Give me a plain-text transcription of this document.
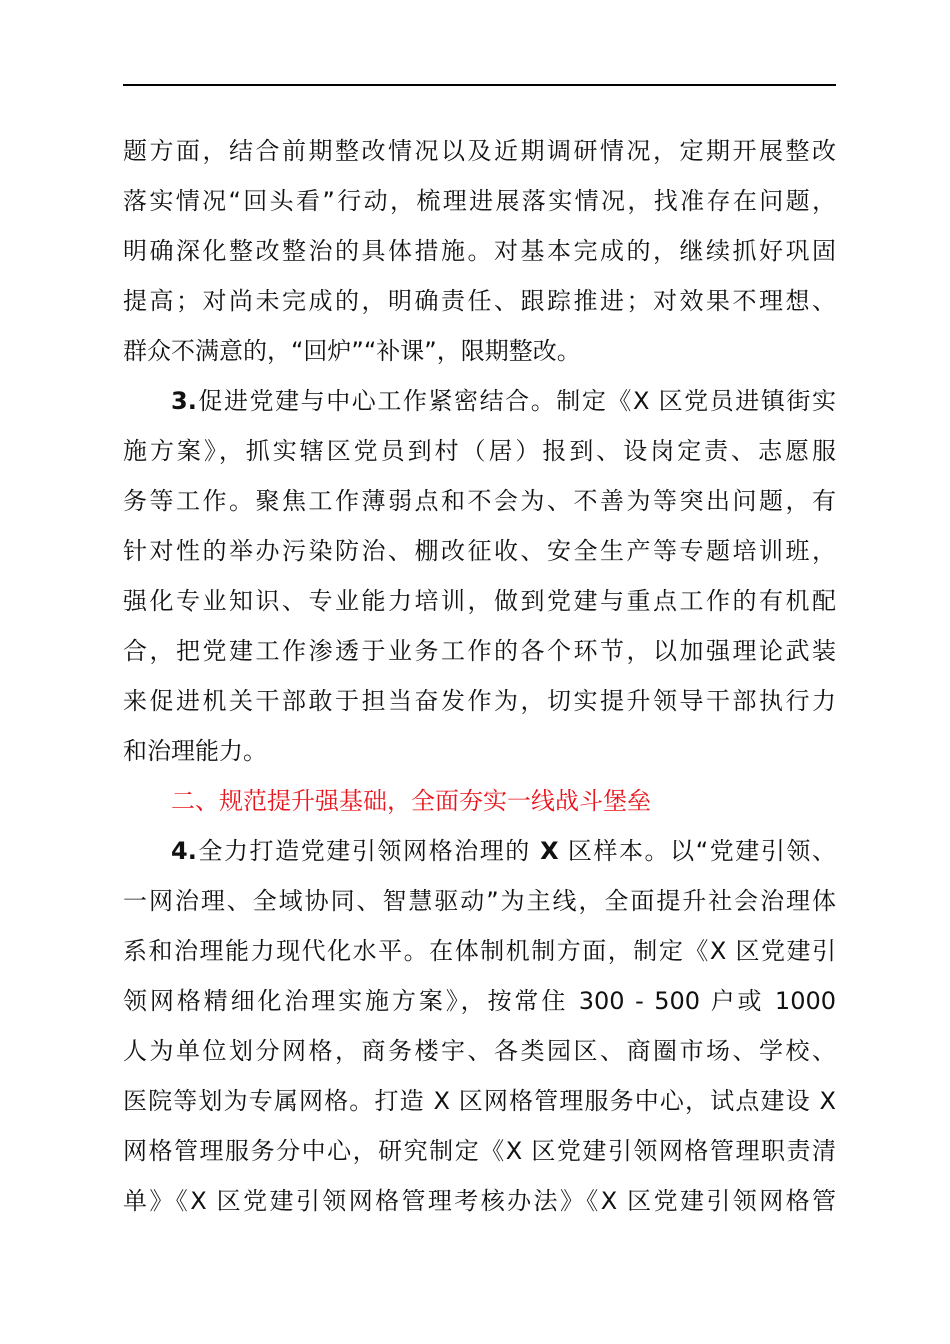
题方面，结合前期整改情况以及近期调研情况，定期开展整改
落实情况“回头看”行动，梳理进展落实情况，找准存在问题，
明确深化整改整治的具体措施。对基本完成的，继续抓好巩固
提高；对尚未完成的，明确责任、跟踪推进；对效果不理想、
群众不满意的，“回炉”“补课”，限期整改。
3.促进党建与中心工作紧密结合。制定《X 区党员进镇街实
施方案》，抓实辖区党员到村（居）报到、设岗定责、志愿服
务等工作。聚焦工作薄弱点和不会为、不善为等突出问题，有
针对性的举办污染防治、棚改征收、安全生产等专题培训班，
强化专业知识、专业能力培训，做到党建与重点工作的有机配
合，把党建工作渗透于业务工作的各个环节，以加强理论武装
来促进机关干部敢于担当奋发作为，切实提升领导干部执行力
和治理能力。
二、规范提升强基础，全面夯实一线战斗堡垒
4.全力打造党建引领网格治理的 X 区样本。以“党建引领、
一网治理、全域协同、智慧驱动”为主线，全面提升社会治理体
系和治理能力现代化水平。在体制机制方面，制定《X 区党建引
领网格精细化治理实施方案》，按常住 300 - 500 户或 1000
人为单位划分网格，商务楼宇、各类园区、商圈市场、学校、
医院等划为专属网格。打造 X 区网格管理服务中心，试点建设 X
网格管理服务分中心，研究制定《X 区党建引领网格管理职责清
单》《X 区党建引领网格管理考核办法》《X 区党建引领网格管
